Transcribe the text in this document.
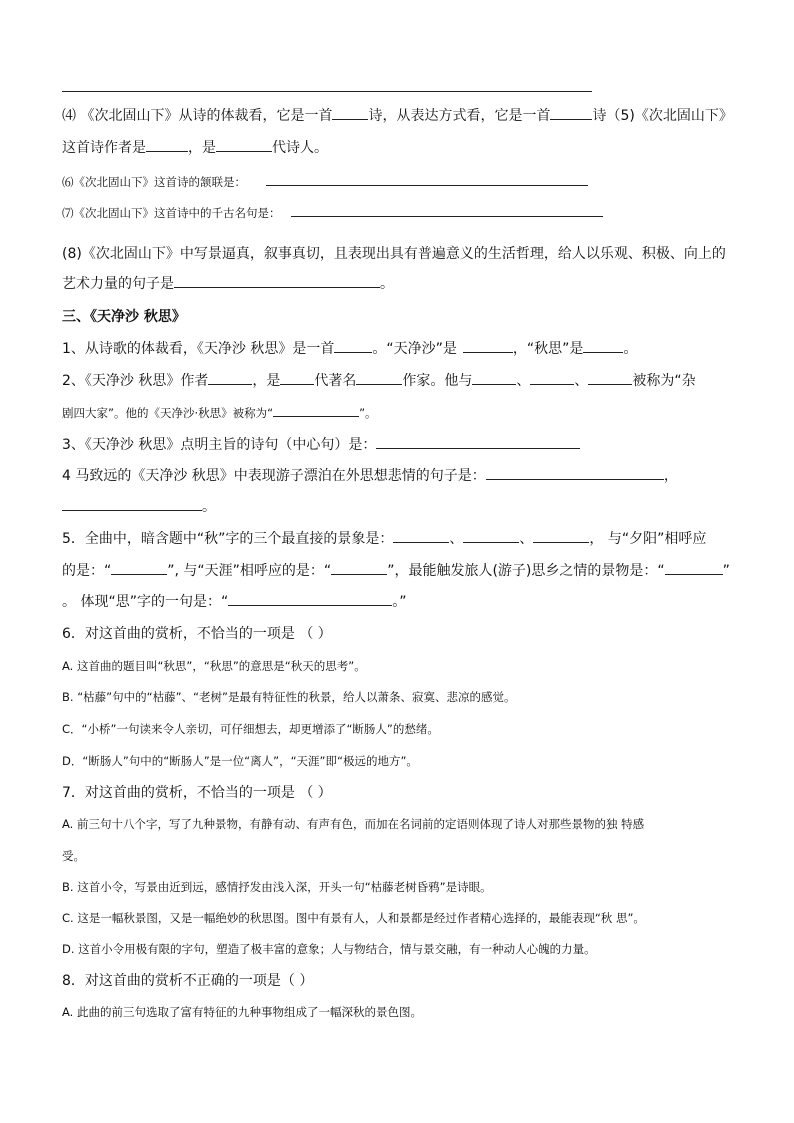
⑷ 《次北固山下》从诗的体裁看，它是一首	诗，从表达方式看，它是一首	诗（5)《次北固山下》
这首诗作者是	，是	代诗人。
⑹《次北固山下》这首诗的颔联是：
⑺《次北固山下》这首诗中的千古名句是：
(8)《次北固山下》中写景逼真，叙事真切，且表现出具有普遍意义的生活哲理，给人以乐观、积极、向上的
艺术力量的句子是	。
三、《天净沙 秋思》
1、从诗歌的体裁看，《天净沙 秋思》是一首	。“天净沙”是	，“秋思”是	。
2、《天净沙 秋思》作者	，是 代著名	作家。他与	、	、	被称为“杂
剧四大家”。他的《天净沙·秋思》被称为“	”。
3、《天净沙 秋思》点明主旨的诗句（中心句）是：
4 马致远的《天净沙 秋思》中表现游子漂泊在外思想悲情的句子是：	，
。
5．全曲中，暗含题中“秋”字的三个最直接的景象是：	、	、	， 与“夕阳”相呼应
的是：“	”, 与“天涯”相呼应的是：“	”，最能触发旅人(游子)思乡之情的景物是：“	”
。 体现“思”字的一句是：“	。”
6．对这首曲的赏析，不恰当的一项是 （ ）
A. 这首曲的题目叫“秋思”，“秋思”的意思是“秋天的思考”。
B. “枯藤”句中的“枯藤”、“老树”是最有特征性的秋景，给人以萧条、寂寞、悲凉的感觉。
C．“小桥”一句读来令人亲切，可仔细想去，却更增添了“断肠人”的愁绪。
D．“断肠人”句中的“断肠人”是一位“离人”，“天涯”即“极远的地方”。
7．对这首曲的赏析，不恰当的一项是 （ ）
A. 前三句十八个字，写了九种景物，有静有动、有声有色，而加在名词前的定语则体现了诗人对那些景物的独 特感
受。
B. 这首小令，写景由近到远，感情抒发由浅入深，开头一句“枯藤老树昏鸦”是诗眼。
C. 这是一幅秋景图，又是一幅绝妙的秋思图。图中有景有人，人和景都是经过作者精心选择的，最能表现“秋 思”。
D. 这首小令用极有限的字句，塑造了极丰富的意象；人与物结合，情与景交融，有一种动人心魄的力量。
8．对这首曲的赏析不正确的一项是（ ）
A. 此曲的前三句选取了富有特征的九种事物组成了一幅深秋的景色图。
